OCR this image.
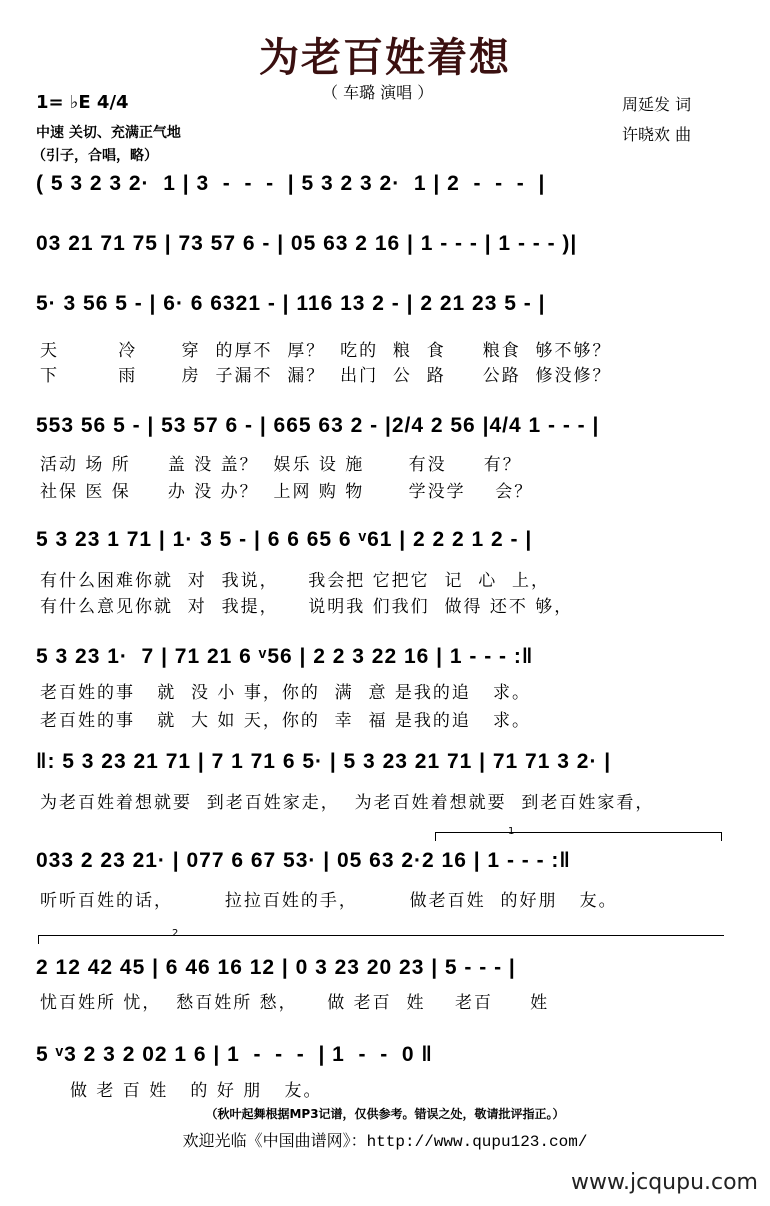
为老百姓着想
（ 车璐 演唱 ）
1= ♭E 4/4
中速 关切、充满正气地
（引子，合唱，略）
周延发 词
许晓欢 曲
( 5 3 2 3 2·  1 | 3  -  -  -  | 5 3 2 3 2·  1 | 2  -  -  -  |
03 21 71 75 | 73 57 6 - | 05 63 2 16 | 1 - - - | 1 - - - )|
5· 3 56 5 - | 6· 6 6321 - | 116 13 2 - | 2 21 23 5 - |
天        冷      穿  的厚不  厚？  吃的  粮  食     粮食  够不够？
下        雨      房  子漏不  漏？  出门  公  路     公路  修没修？
553 56 5 - | 53 57 6 - | 665 63 2 - |2/4 2 56 |4/4 1 - - - |
活动 场 所     盖 没 盖？  娱乐 设 施      有没     有？
社保 医 保     办 没 办？  上网 购 物      学没学    会？
5 3 23 1 71 | 1· 3 5 - | 6 6 65 6 ᵛ61 | 2 2 2 1 2 - |
有什么困难你就  对  我说，    我会把 它把它  记  心  上，
有什么意见你就  对  我提，    说明我 们我们  做得 还不 够，
5 3 23 1·  7 | 71 21 6 ᵛ56 | 2 2 3 22 16 | 1 - - - :‖
老百姓的事   就  没 小 事，你的  满  意 是我的追   求。
老百姓的事   就  大 如 天，你的  幸  福 是我的追   求。
‖: 5 3 23 21 71 | 7 1 71 6 5· | 5 3 23 21 71 | 71 71 3 2· |
为老百姓着想就要  到老百姓家走，  为老百姓着想就要  到老百姓家看，
1
033 2 23 21· | 077 6 67 53· | 05 63 2·2 16 | 1 - - - :‖
听听百姓的话，       拉拉百姓的手，       做老百姓  的好朋   友。
2
2 12 42 45 | 6 46 16 12 | 0 3 23 20 23 | 5 - - - |
忧百姓所 忧，  愁百姓所 愁，    做 老百  姓    老百     姓
5 ᵛ3 2 3 2 02 1 6 | 1  -  -  -  | 1  -  -  0 ‖
做 老 百 姓   的 好 朋   友。
（秋叶起舞根据MP3记谱，仅供参考。错误之处，敬请批评指正。）
欢迎光临《中国曲谱网》：http://www.qupu123.com/
www.jcqupu.com
